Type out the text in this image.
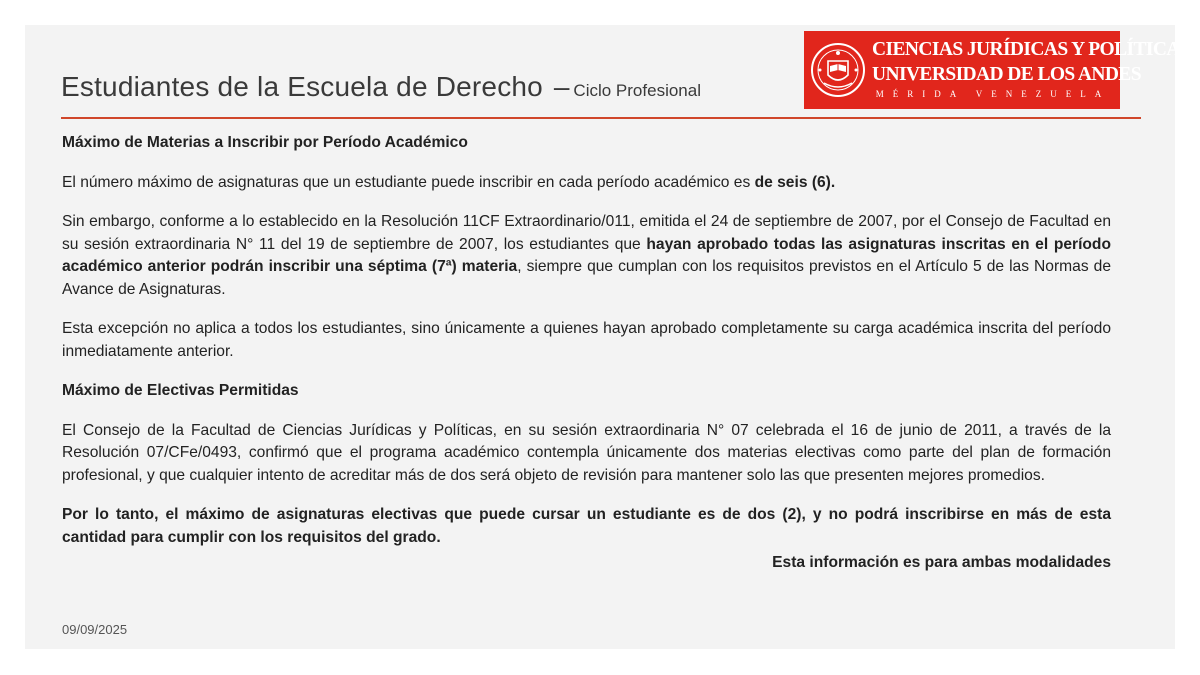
Estudiantes de la Escuela de Derecho – Ciclo Profesional
CIENCIAS JURÍDICAS Y POLÍTICAS
UNIVERSIDAD DE LOS ANDES
MÉRIDA VENEZUELA

Máximo de Materias a Inscribir por Período Académico

El número máximo de asignaturas que un estudiante puede inscribir en cada período académico es de seis (6).

Sin embargo, conforme a lo establecido en la Resolución 11CF Extraordinario/011, emitida el 24 de septiembre de 2007, por el Consejo de Facultad en su sesión extraordinaria N° 11 del 19 de septiembre de 2007, los estudiantes que hayan aprobado todas las asignaturas inscritas en el período académico anterior podrán inscribir una séptima (7ª) materia, siempre que cumplan con los requisitos previstos en el Artículo 5 de las Normas de Avance de Asignaturas.

Esta excepción no aplica a todos los estudiantes, sino únicamente a quienes hayan aprobado completamente su carga académica inscrita del período inmediatamente anterior.

Máximo de Electivas Permitidas

El Consejo de la Facultad de Ciencias Jurídicas y Políticas, en su sesión extraordinaria N° 07 celebrada el 16 de junio de 2011, a través de la Resolución 07/CFe/0493, confirmó que el programa académico contempla únicamente dos materias electivas como parte del plan de formación profesional, y que cualquier intento de acreditar más de dos será objeto de revisión para mantener solo las que presenten mejores promedios.

Por lo tanto, el máximo de asignaturas electivas que puede cursar un estudiante es de dos (2), y no podrá inscribirse en más de esta cantidad para cumplir con los requisitos del grado.

Esta información es para ambas modalidades

09/09/2025
